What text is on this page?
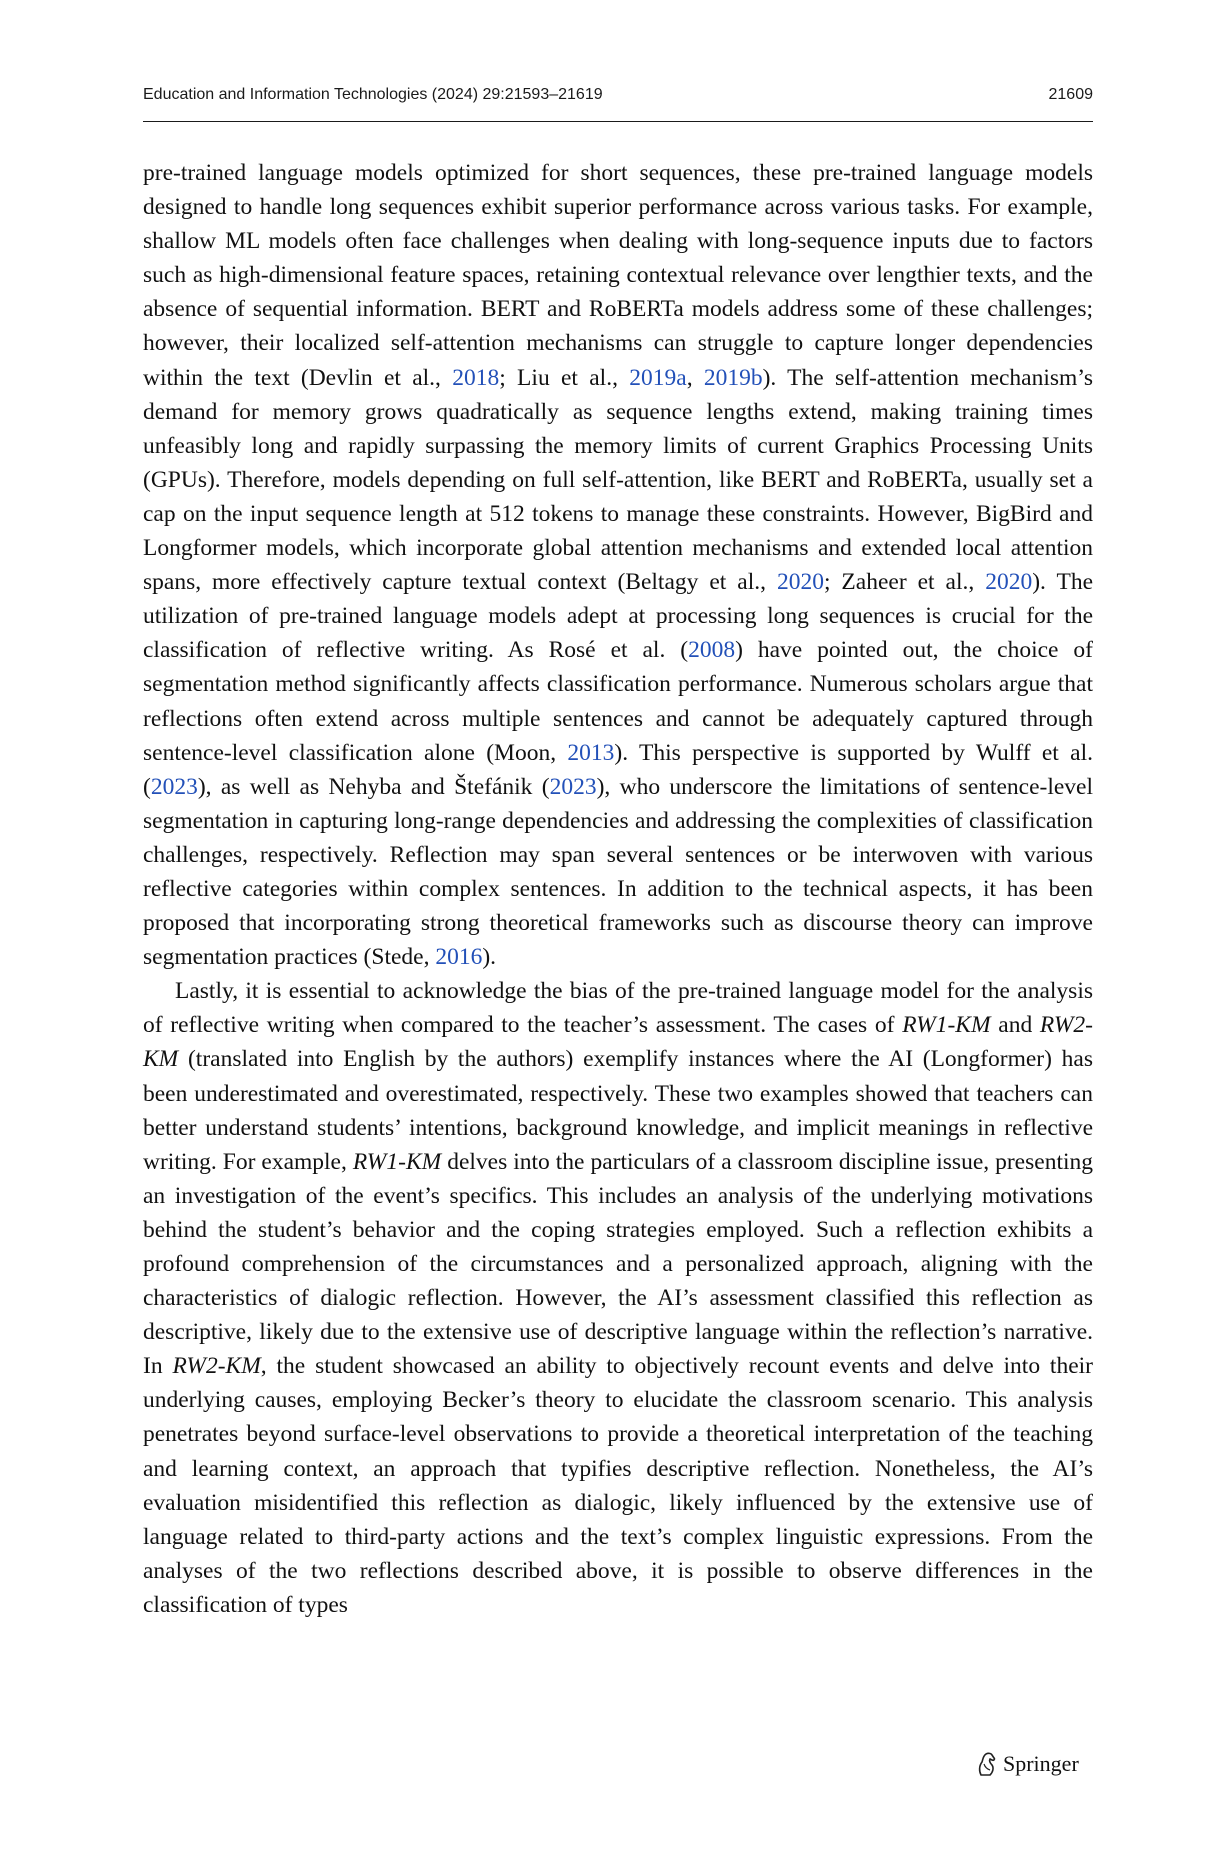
Education and Information Technologies (2024) 29:21593–21619	21609

pre-trained language models optimized for short sequences, these pre-trained language models designed to handle long sequences exhibit superior performance across various tasks. For example, shallow ML models often face challenges when dealing with long-sequence inputs due to factors such as high-dimensional feature spaces, retaining contextual relevance over lengthier texts, and the absence of sequential information. BERT and RoBERTa models address some of these challenges; however, their localized self-attention mechanisms can struggle to capture longer dependencies within the text (Devlin et al., 2018; Liu et al., 2019a, 2019b). The self-attention mechanism’s demand for memory grows quadratically as sequence lengths extend, making training times unfeasibly long and rapidly surpassing the memory limits of current Graphics Processing Units (GPUs). Therefore, models depending on full self-attention, like BERT and RoBERTa, usually set a cap on the input sequence length at 512 tokens to manage these constraints. However, BigBird and Longformer models, which incorporate global attention mechanisms and extended local attention spans, more effectively capture textual context (Beltagy et al., 2020; Zaheer et al., 2020). The utilization of pre-trained language models adept at processing long sequences is crucial for the classification of reflective writing. As Rosé et al. (2008) have pointed out, the choice of segmentation method significantly affects classification performance. Numerous scholars argue that reflections often extend across multiple sentences and cannot be adequately captured through sentence-level classification alone (Moon, 2013). This perspective is supported by Wulff et al. (2023), as well as Nehyba and Štefánik (2023), who underscore the limitations of sentence-level segmentation in capturing long-range dependencies and addressing the complexities of classification challenges, respectively. Reflection may span several sentences or be interwoven with various reflective categories within complex sentences. In addition to the technical aspects, it has been proposed that incorporating strong theoretical frameworks such as discourse theory can improve segmentation practices (Stede, 2016).

Lastly, it is essential to acknowledge the bias of the pre-trained language model for the analysis of reflective writing when compared to the teacher’s assessment. The cases of RW1-KM and RW2-KM (translated into English by the authors) exemplify instances where the AI (Longformer) has been underestimated and overestimated, respectively. These two examples showed that teachers can better understand students’ intentions, background knowledge, and implicit meanings in reflective writing. For example, RW1-KM delves into the particulars of a classroom discipline issue, presenting an investigation of the event’s specifics. This includes an analysis of the underlying motivations behind the student’s behavior and the coping strategies employed. Such a reflection exhibits a profound comprehension of the circumstances and a personalized approach, aligning with the characteristics of dialogic reflection. However, the AI’s assessment classified this reflection as descriptive, likely due to the extensive use of descriptive language within the reflection’s narrative. In RW2-KM, the student showcased an ability to objectively recount events and delve into their underlying causes, employing Becker’s theory to elucidate the classroom scenario. This analysis penetrates beyond surface-level observations to provide a theoretical interpretation of the teaching and learning context, an approach that typifies descriptive reflection. Nonetheless, the AI’s evaluation misidentified this reflection as dialogic, likely influenced by the extensive use of language related to third-party actions and the text’s complex linguistic expressions. From the analyses of the two reflections described above, it is possible to observe differences in the classification of types

Springer
